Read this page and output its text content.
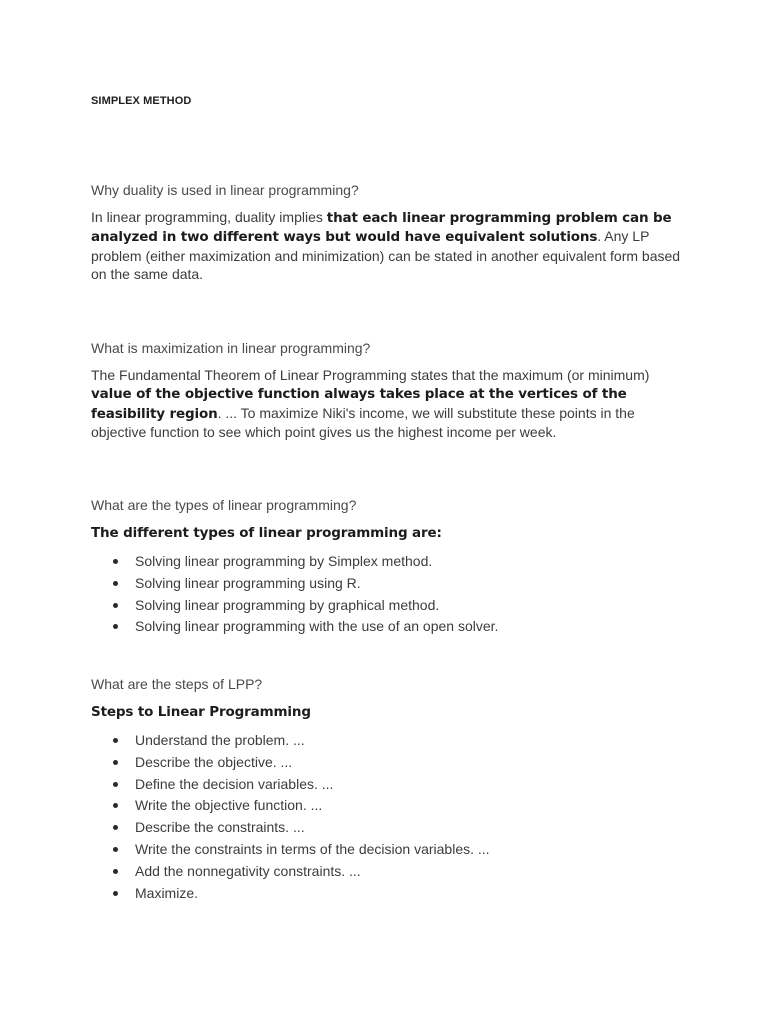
SIMPLEX METHOD
Why duality is used in linear programming?
In linear programming, duality implies that each linear programming problem can be analyzed in two different ways but would have equivalent solutions. Any LP problem (either maximization and minimization) can be stated in another equivalent form based on the same data.
What is maximization in linear programming?
The Fundamental Theorem of Linear Programming states that the maximum (or minimum) value of the objective function always takes place at the vertices of the feasibility region. ... To maximize Niki's income, we will substitute these points in the objective function to see which point gives us the highest income per week.
What are the types of linear programming?
The different types of linear programming are:
Solving linear programming by Simplex method.
Solving linear programming using R.
Solving linear programming by graphical method.
Solving linear programming with the use of an open solver.
What are the steps of LPP?
Steps to Linear Programming
Understand the problem. ...
Describe the objective. ...
Define the decision variables. ...
Write the objective function. ...
Describe the constraints. ...
Write the constraints in terms of the decision variables. ...
Add the nonnegativity constraints. ...
Maximize.
